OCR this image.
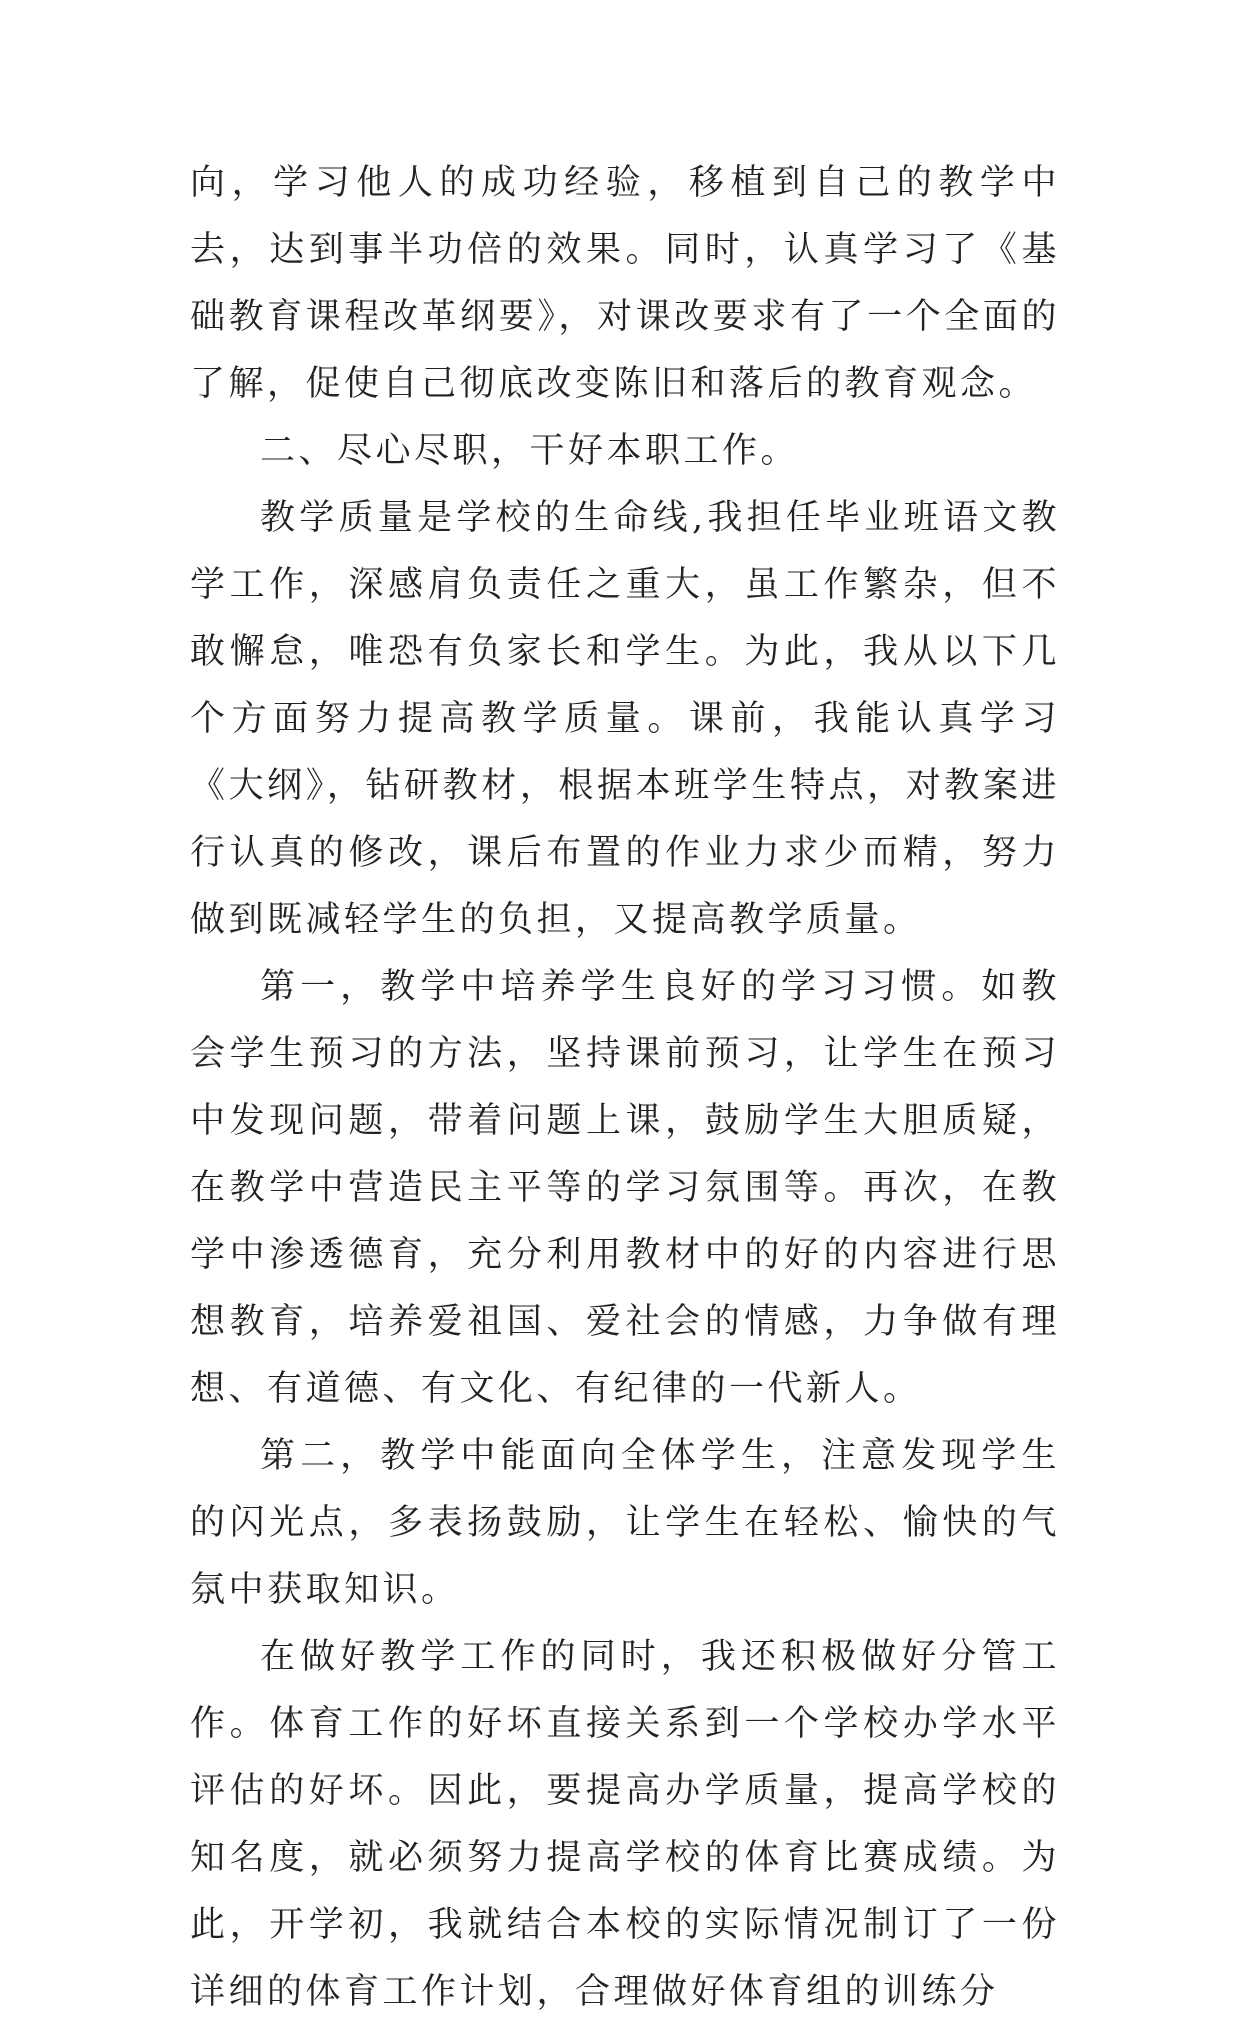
向，学习他人的成功经验，移植到自己的教学中去，达到事半功倍的效果。同时，认真学习了《基础教育课程改革纲要》，对课改要求有了一个全面的了解，促使自己彻底改变陈旧和落后的教育观念。

二、尽心尽职，干好本职工作。

教学质量是学校的生命线,我担任毕业班语文教学工作，深感肩负责任之重大，虽工作繁杂，但不敢懈怠，唯恐有负家长和学生。为此，我从以下几个方面努力提高教学质量。课前，我能认真学习《大纲》，钻研教材，根据本班学生特点，对教案进行认真的修改，课后布置的作业力求少而精，努力做到既减轻学生的负担，又提高教学质量。

第一，教学中培养学生良好的学习习惯。如教会学生预习的方法，坚持课前预习，让学生在预习中发现问题，带着问题上课，鼓励学生大胆质疑，在教学中营造民主平等的学习氛围等。再次，在教学中渗透德育，充分利用教材中的好的内容进行思想教育，培养爱祖国、爱社会的情感，力争做有理想、有道德、有文化、有纪律的一代新人。

第二，教学中能面向全体学生，注意发现学生的闪光点，多表扬鼓励，让学生在轻松、愉快的气氛中获取知识。

在做好教学工作的同时，我还积极做好分管工作。体育工作的好坏直接关系到一个学校办学水平评估的好坏。因此，要提高办学质量，提高学校的知名度，就必须努力提高学校的体育比赛成绩。为此，开学初，我就结合本校的实际情况制订了一份详细的体育工作计划，合理做好体育组的训练分
